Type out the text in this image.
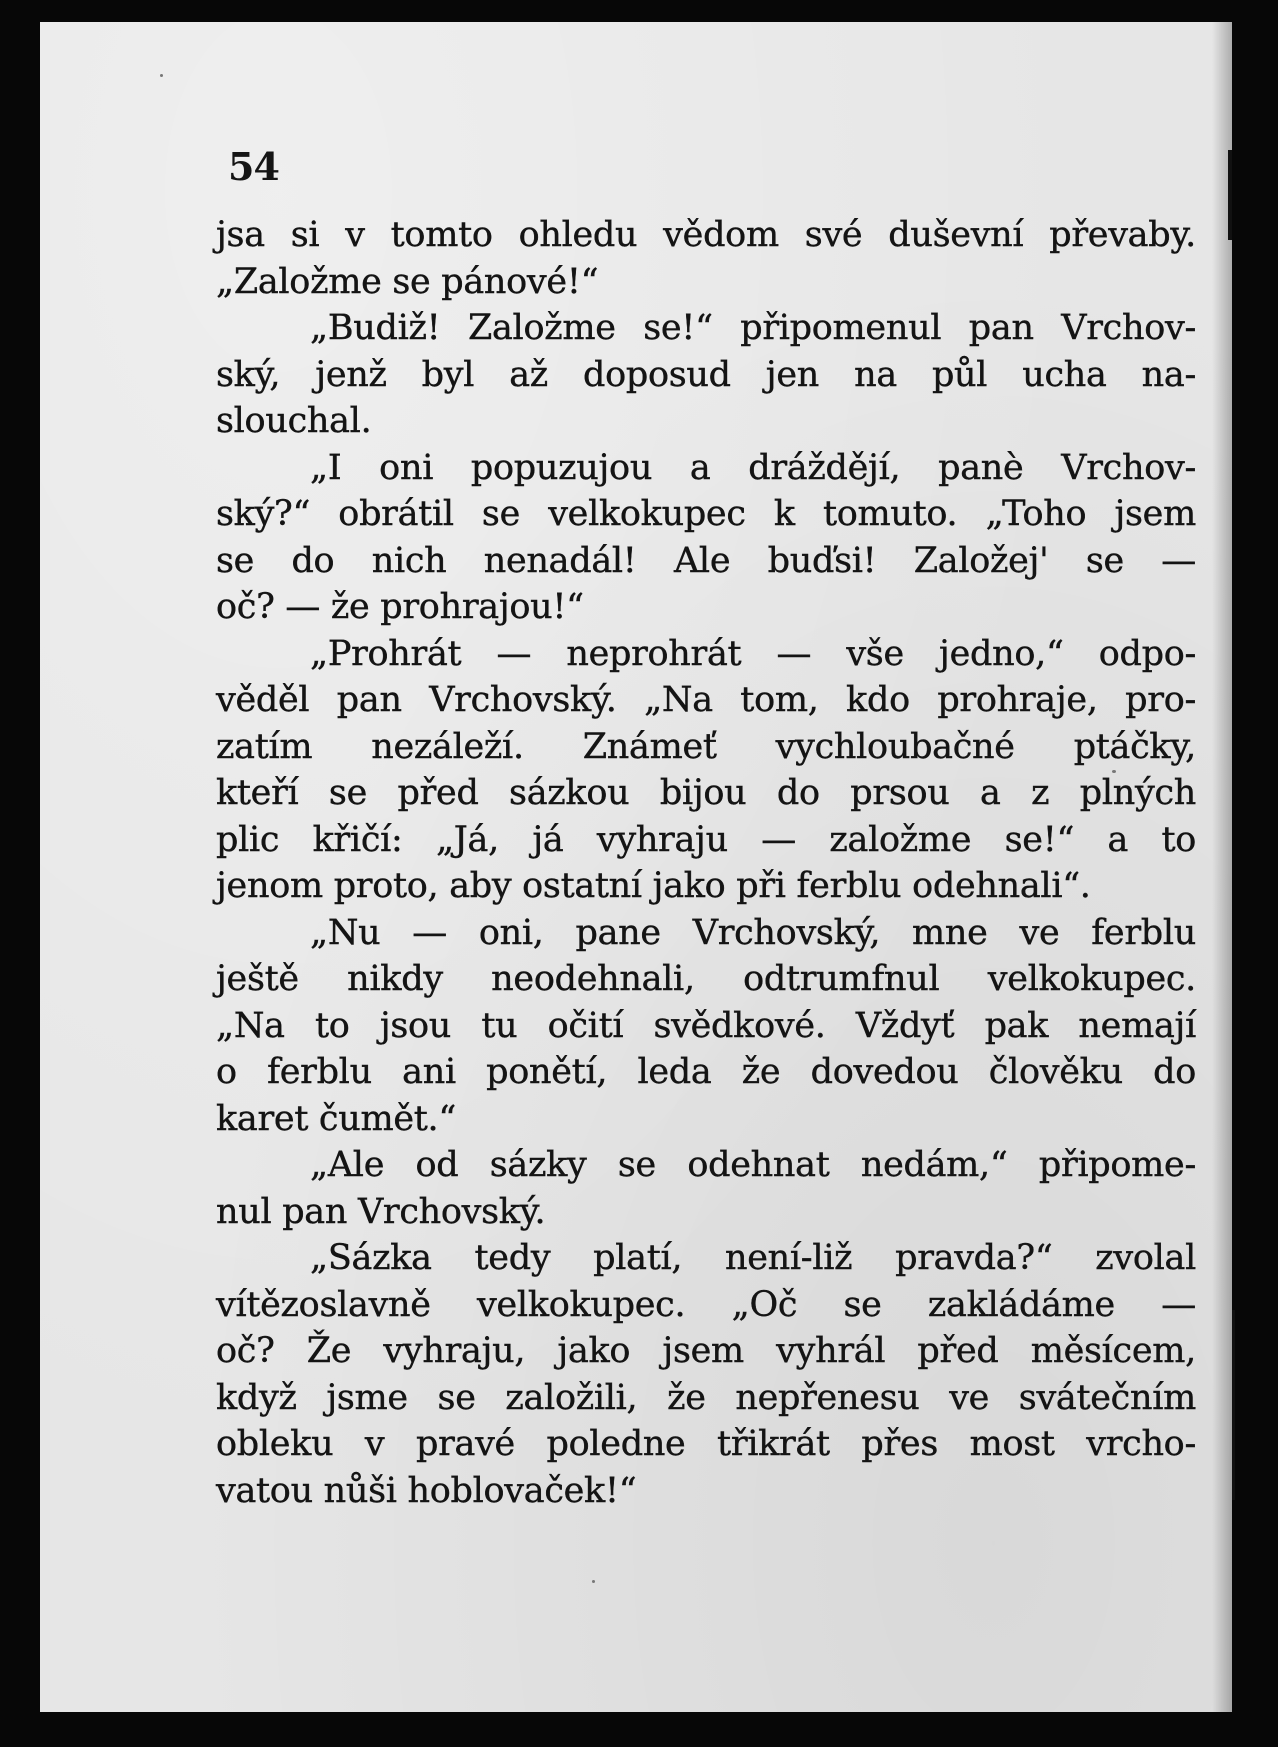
54
jsa si v tomto ohledu vědom své duševní převaby.
„Založme se pánové!“
„Budiž! Založme se!“ připomenul pan Vrchov-
ský, jenž byl až doposud jen na půl ucha na-
slouchal.
„I oni popuzujou a dráždějí, panè Vrchov-
ský?“ obrátil se velkokupec k tomuto. „Toho jsem
se do nich nenadál! Ale buďsi! Založej' se —
oč? — že prohrajou!“
„Prohrát — neprohrát — vše jedno,“ odpo-
věděl pan Vrchovský. „Na tom, kdo prohraje, pro-
zatím nezáleží. Známeť vychloubačné ptáčky,
kteří se před sázkou bijou do prsou a z plných
plic křičí: „Já, já vyhraju — založme se!“ a to
jenom proto, aby ostatní jako při ferblu odehnali“.
„Nu — oni, pane Vrchovský, mne ve ferblu
ještě nikdy neodehnali, odtrumfnul velkokupec.
„Na to jsou tu očití svědkové. Vždyť pak nemají
o ferblu ani ponětí, leda že dovedou člověku do
karet čumět.“
„Ale od sázky se odehnat nedám,“ připome-
nul pan Vrchovský.
„Sázka tedy platí, není-liž pravda?“ zvolal
vítězoslavně velkokupec. „Oč se zakládáme —
oč? Že vyhraju, jako jsem vyhrál před měsícem,
když jsme se založili, že nepřenesu ve svátečním
obleku v pravé poledne třikrát přes most vrcho-
vatou nůši hoblovaček!“
